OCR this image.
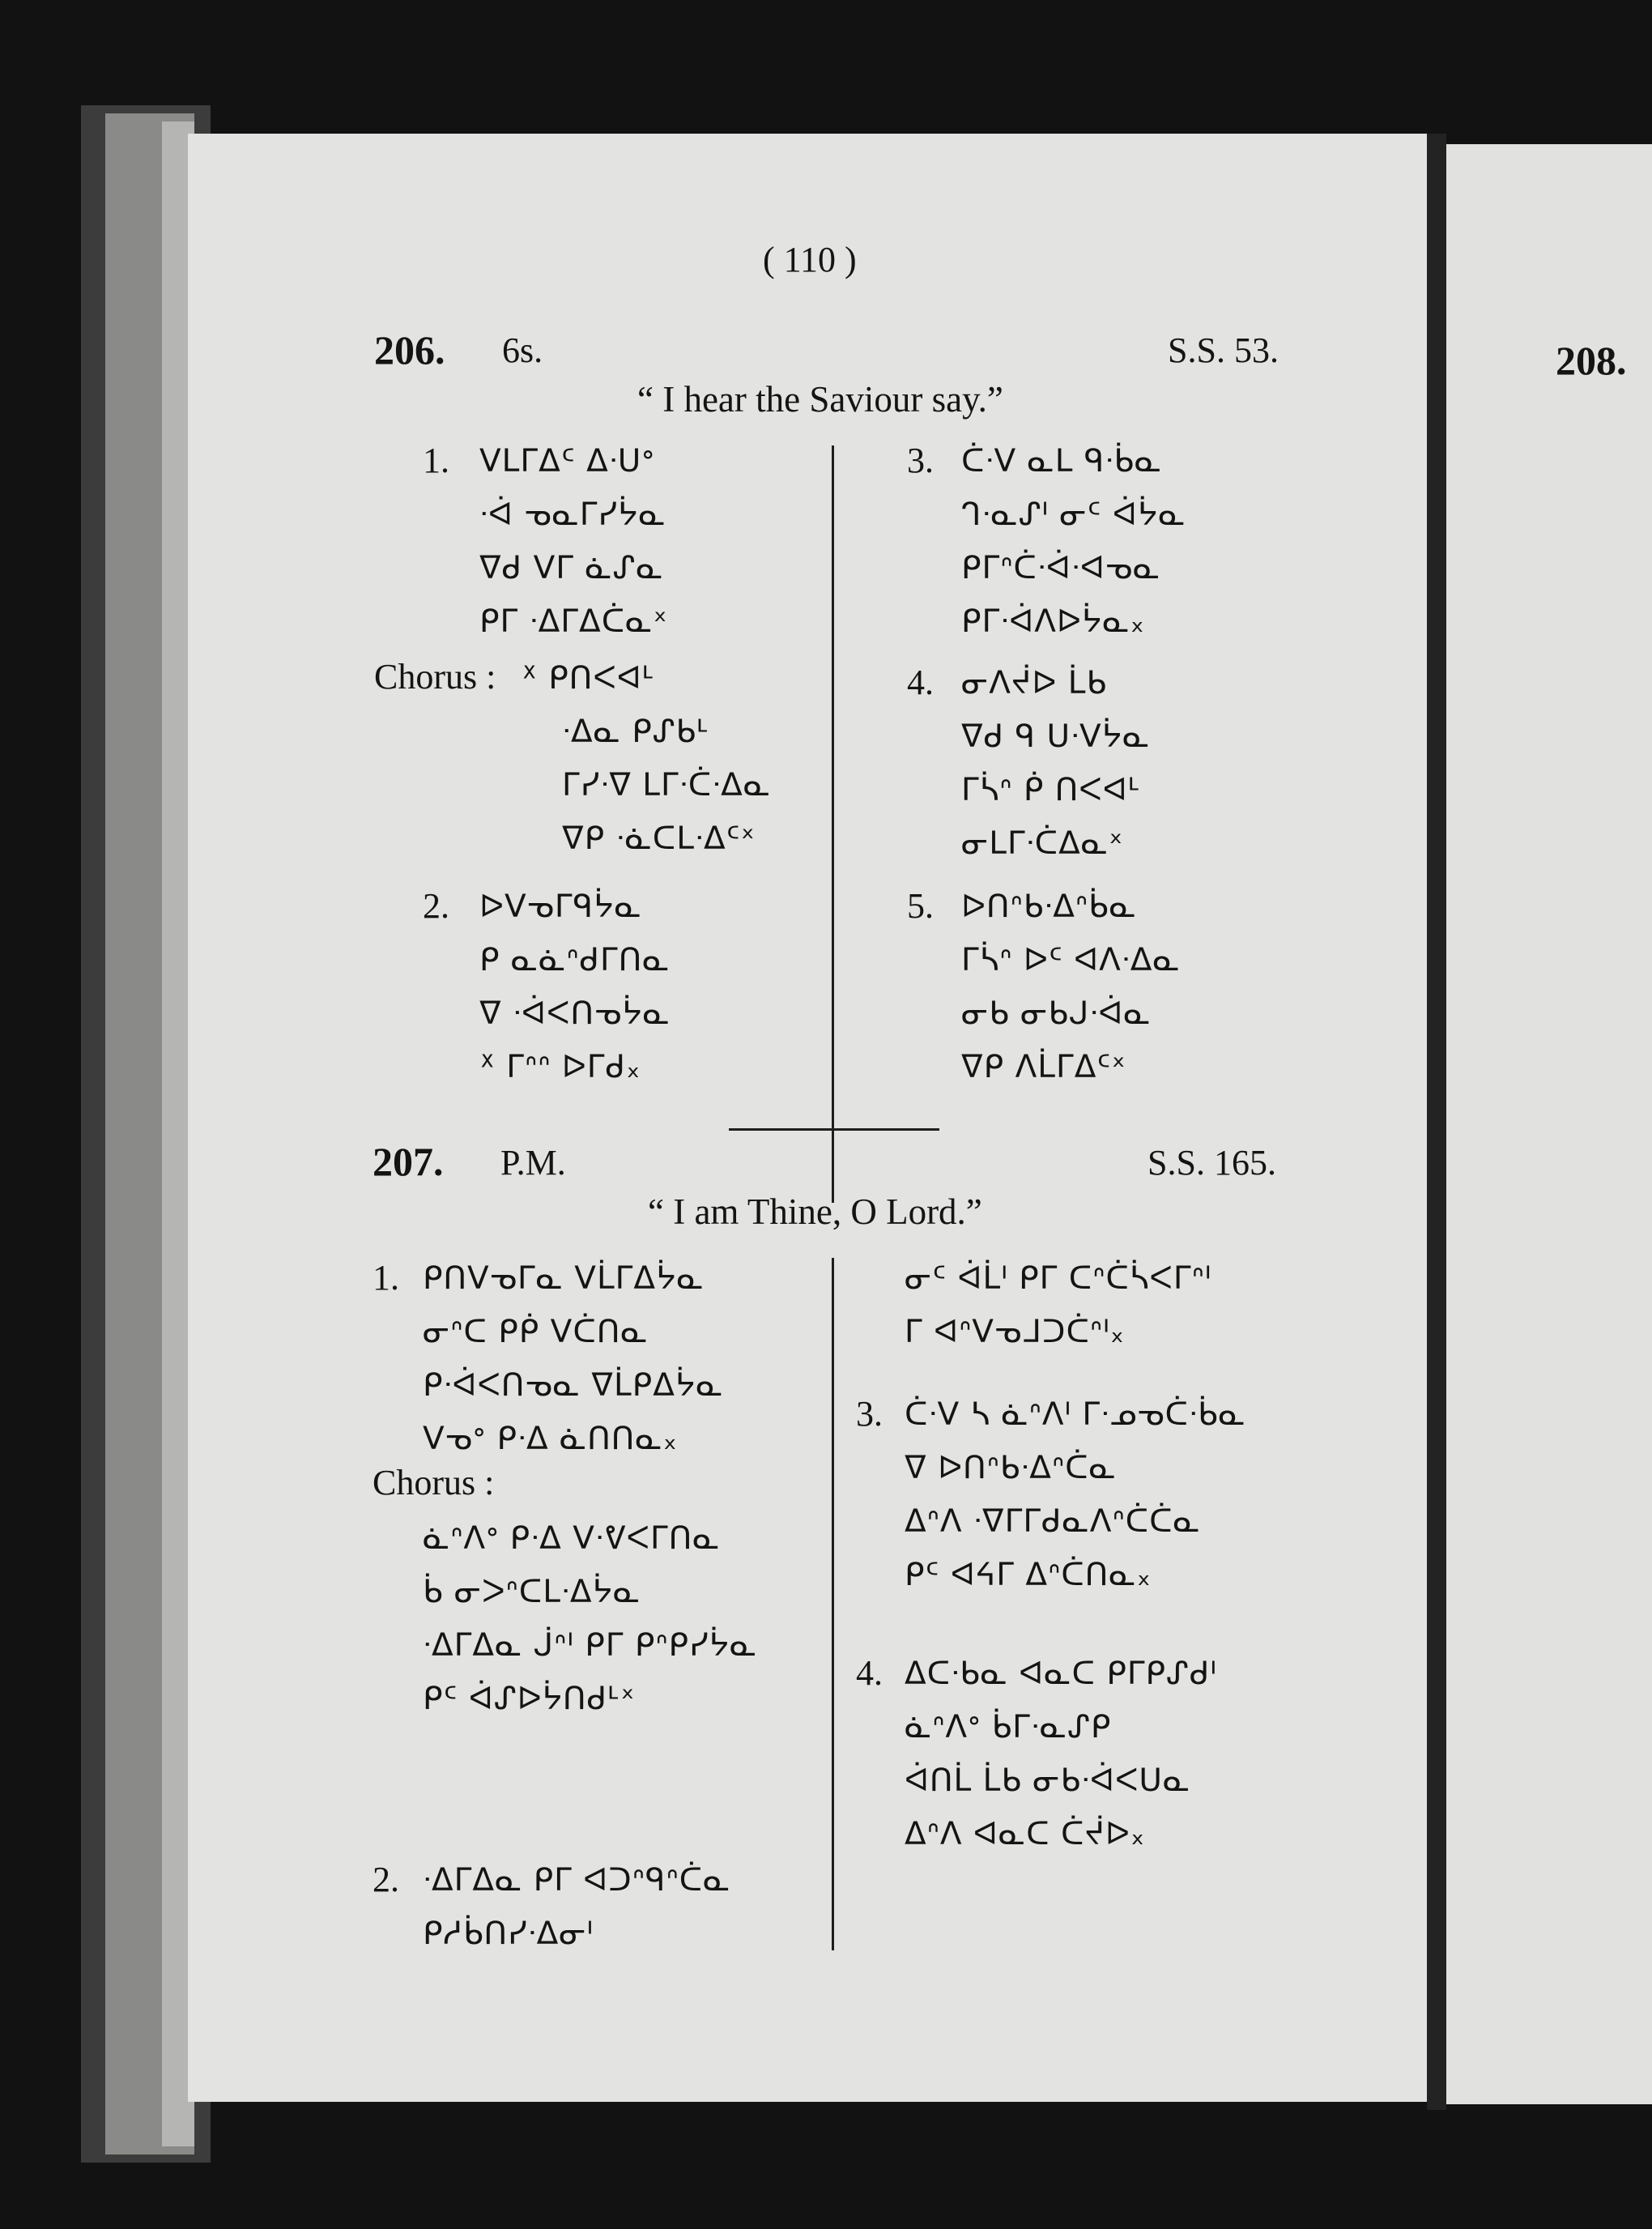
( 110 )
206. 6s.	S.S. 53.
“ I hear the Saviour say.”
1. ᐯᒪᒥᐃᑦ ᐃᐧᑌᐤ
ᐧᐋ ᓀᓇᒥᓯᔮᓇ
ᐁᑯ ᐯᒥ ᓈᔑᓇ
ᑭᒥ ᐧᐃᒥᐃᑖᓇˣ
Chorus : ᕽ ᑭᑎᐸᐊᒻ
ᐧᐃᓇ ᑭᔑᑲᒻ
ᒥᓯᐧᐁ ᒪᒥᐧᑖᐧᐃᓇ
ᐁᑭ ᐧᓈᑕᒪᐧᐃᑦˣ
2. ᐅᐯᓀᒥᑫᔮᓇ
ᑭ ᓇᓈᐢᑯᒥᑎᓇ
ᐁ ᐧᐋᐸᑎᓀᔮᓇ
ᕽ ᒥᐢᐢ ᐅᒥᑯₓ
3. ᑖᐧᐯ ᓇᒪ ᑫᐧᑳᓇ
ᒉᐧᓇᔑᑊ ᓂᑦ ᐋᔮᓇ
ᑭᒥᐢᑖᐧᐋᐧᐊᓀᓇ
ᑭᒥᐧᐋᐱᐅᔮᓇₓ
4. ᓂᐱᔫᐅ ᒫᑲ
ᐁᑯ ᑫ ᑌᐧᐯᔮᓇ
ᒥᓵᐢ ᑮ ᑎᐸᐊᒻ
ᓂᒪᒥᐧᑖᐃᓇˣ
5. ᐅᑎᐢᑲᐧᐃᐢᑳᓇ
ᒥᓵᐢ ᐅᑦ ᐊᐱᐧᐃᓇ
ᓂᑲ ᓂᑲᒍᐧᐋᓇ
ᐁᑭ ᐱᒫᒥᐃᑦˣ
207. P.M.	S.S. 165.
“ I am Thine, O Lord.”
1. ᑭᑎᐯᓀᒥᓇ ᐯᒫᒥᐃᔮᓇ
ᓂᐢᑕ ᑭᑮ ᐯᑖᑎᓇ
ᑭᐧᐋᐸᑎᓀᓇ ᐁᒫᑭᐃᔮᓇ
ᐯᓀᐤ ᑭᐧᐃ ᓈᑎᑎᓇₓ
Chorus :
ᓈᐢᐱᐤ ᑭᐧᐃ ᐯᐧᕓᐸᒥᑎᓇ
ᑳ ᓂᐳᐢᑕᒪᐧᐃᔮᓇ
ᐧᐃᒥᐃᓇ ᒎᐢᑊ ᑭᒥ ᑭᐢᑭᓯᔮᓇ
ᑭᑦ ᐋᔑᐅᔮᑎᑯᒻˣ
2. ᐧᐃᒥᐃᓇ ᑭᒥ ᐊᑐᐢᑫᐢᑖᓇ
ᑭᓱᑳᑎᓯᐧᐃᓂᑊ
ᓂᑦ ᐋᒫᑊ ᑭᒥ ᑕᐢᑖᓵᐸᒥᐢᑊ
ᒥ ᐊᐢᐯᓀᒧᑐᑖᐢᑊₓ
3. ᑖᐧᐯ ᓴ ᓈᐢᐱᑊ ᒥᐧᓄᓀᑖᐧᑳᓇ
ᐁ ᐅᑎᐢᑲᐧᐃᐢᑖᓇ
ᐃᐢᐱ ᐧᐁᒥᒥᑯᓇᐱᐢᑖᑖᓇ
ᑭᑦ ᐊᔦᒥ ᐃᐢᑖᑎᓇₓ
4. ᐃᑕᐧᑲᓇ ᐊᓇᑕ ᑭᒥᑭᔑᑯᑊ
ᓈᐢᐱᐤ ᑳᒥᐧᓇᔑᑭ
ᐋᑎᒫ ᒫᑲ ᓂᑲᐧᐋᐸᑌᓇ
ᐃᐢᐱ ᐊᓇᑕ ᑖᔫᐅₓ
208.
